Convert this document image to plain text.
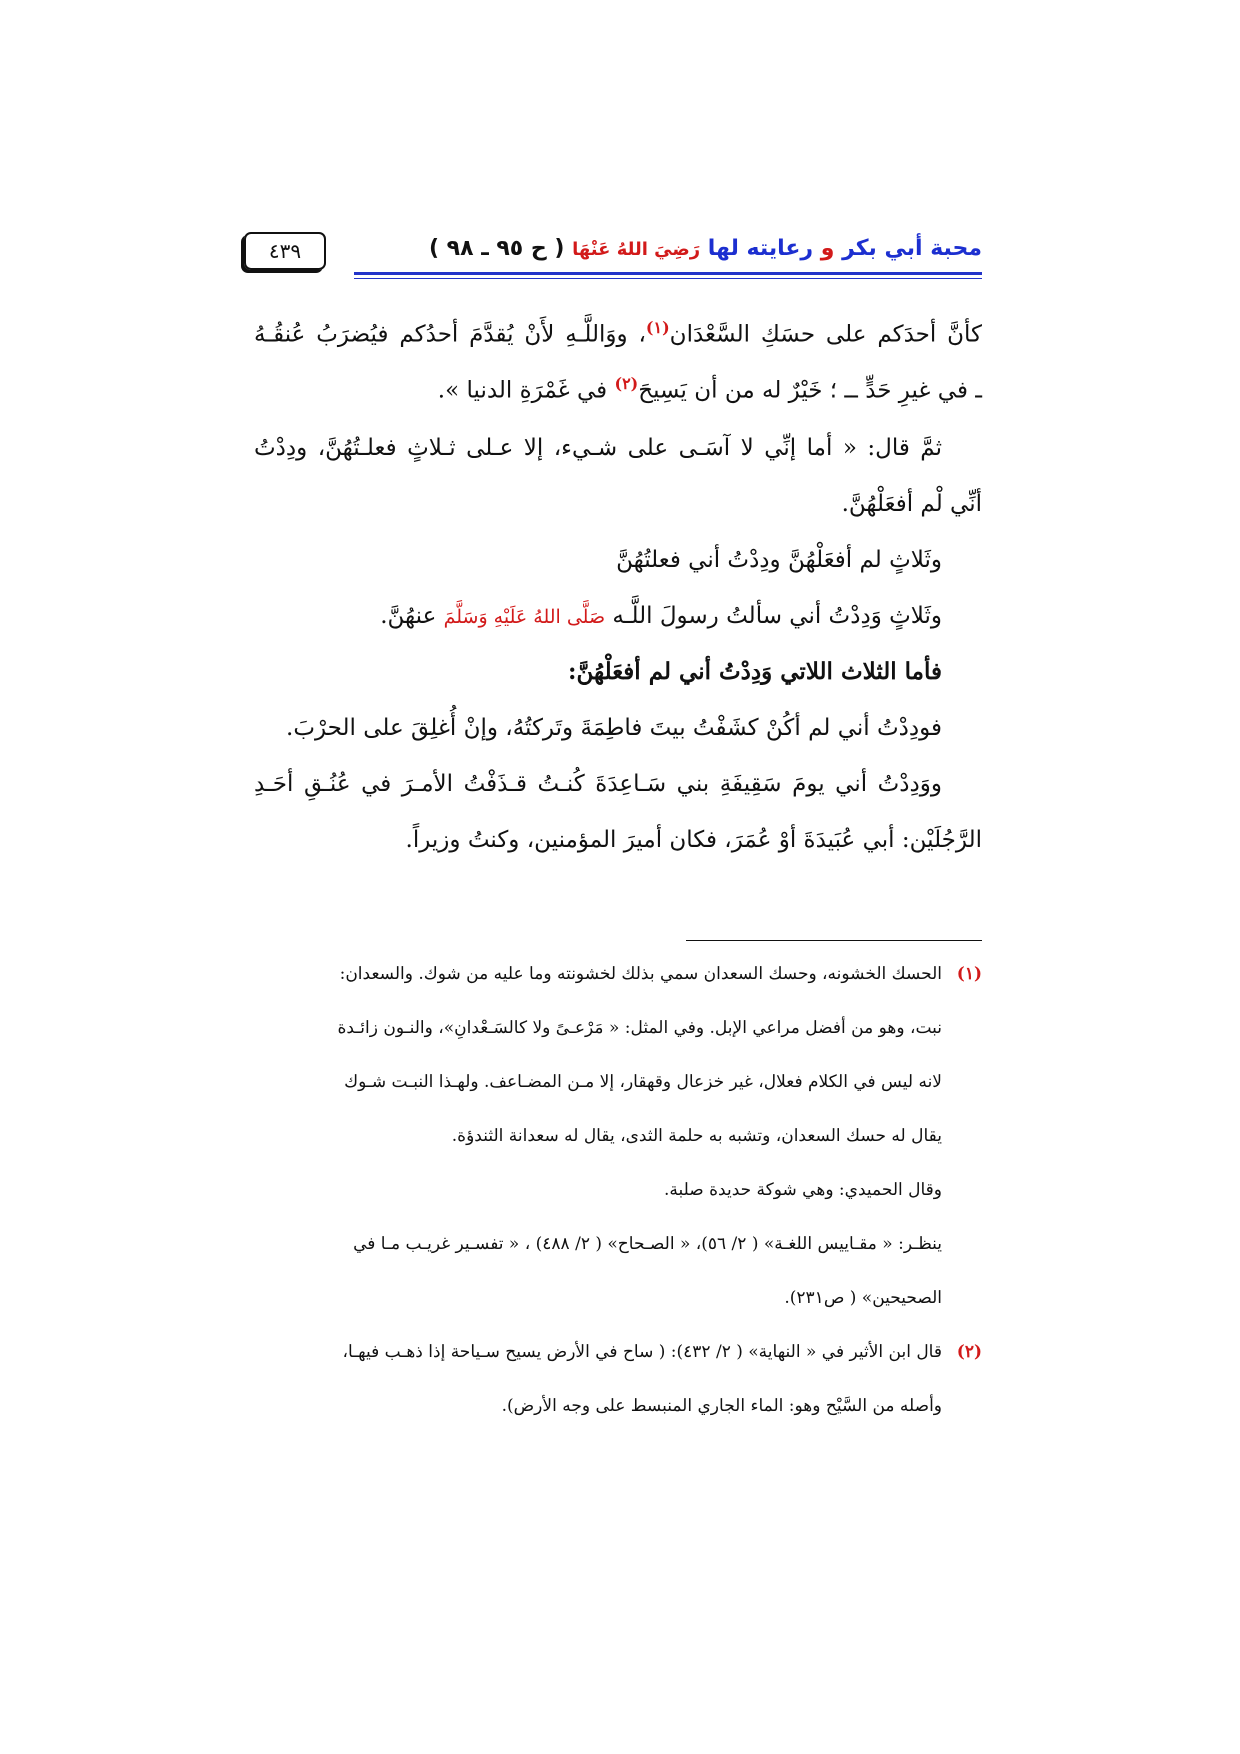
محبة أبي بكر و رعايته لها رَضِيَ اللهُ عَنْهَا ( ح ٩٥ ـ ٩٨ )
٤٣٩
كأنَّ أحدَكم على حسَكِ السَّعْدَان$^{(١)}$، ووَاللَّـهِ لأَنْ يُقدَّمَ أحدُكم فيُضرَبُ عُنقُـهُ
ـ في غيرِ حَدٍّ ــ ؛ خَيْرٌ له من أن يَسِيحَ$^{(٢)}$ في غَمْرَةِ الدنيا ».
ثمَّ قال: « أما إنِّي لا آسَـى على شـيء، إلا عـلى ثـلاثٍ فعلـتُهُنَّ، ودِدْتُ
أنِّي لْم أفعَلْهُنَّ.
وثَلاثٍ لم أفعَلْهُنَّ ودِدْتُ أني فعلتُهُنَّ
وثَلاثٍ وَدِدْتُ أني سألتُ رسولَ اللَّـه صَلَّى اللهُ عَلَيْهِ وَسَلَّمَ عنهُنَّ.
فأما الثلاث اللاتي وَدِدْتُ أني لم أفعَلْهُنَّ:
فودِدْتُ أني لم أكُنْ كشَفْتُ بيتَ فاطِمَةَ وتَركتُهُ، وإنْ أُغلِقَ على الحرْبَ.
ووَدِدْتُ أني يومَ سَقِيفَةِ بني سَـاعِدَةَ كُنـتُ قـذَفْتُ الأمـرَ في عُنُـقِ أحَـدِ
الرَّجُلَيْن: أبي عُبَيدَةَ أوْ عُمَرَ، فكان أميرَ المؤمنين، وكنتُ وزيراً.
(١)الحسك الخشونه، وحسك السعدان سمي بذلك لخشونته وما عليه من شوك. والسعدان:
نبت، وهو من أفضل مراعي الإبل. وفي المثل: « مَرْعـىً ولا كالسَـعْدانِ»، والنـون زائـدة
لانه ليس في الكلام فعلال، غير خزعال وقهقار، إلا مـن المضـاعف. ولهـذا النبـت شـوك
يقال له حسك السعدان، وتشبه به حلمة الثدى، يقال له سعدانة الثندؤة.
وقال الحميدي: وهي شوكة حديدة صلبة.
ينظـر: « مقـاييس اللغـة» ( ٢/ ٥٦)، « الصـحاح» ( ٢/ ٤٨٨) ، « تفسـير غريـب مـا في
الصحيحين» ( ص٢٣١).
(٢)قال ابن الأثير في « النهاية» ( ٢/ ٤٣٢): ( ساح في الأرض يسيح سـياحة إذا ذهـب فيهـا،
وأصله من السَّيْح وهو: الماء الجاري المنبسط على وجه الأرض).
